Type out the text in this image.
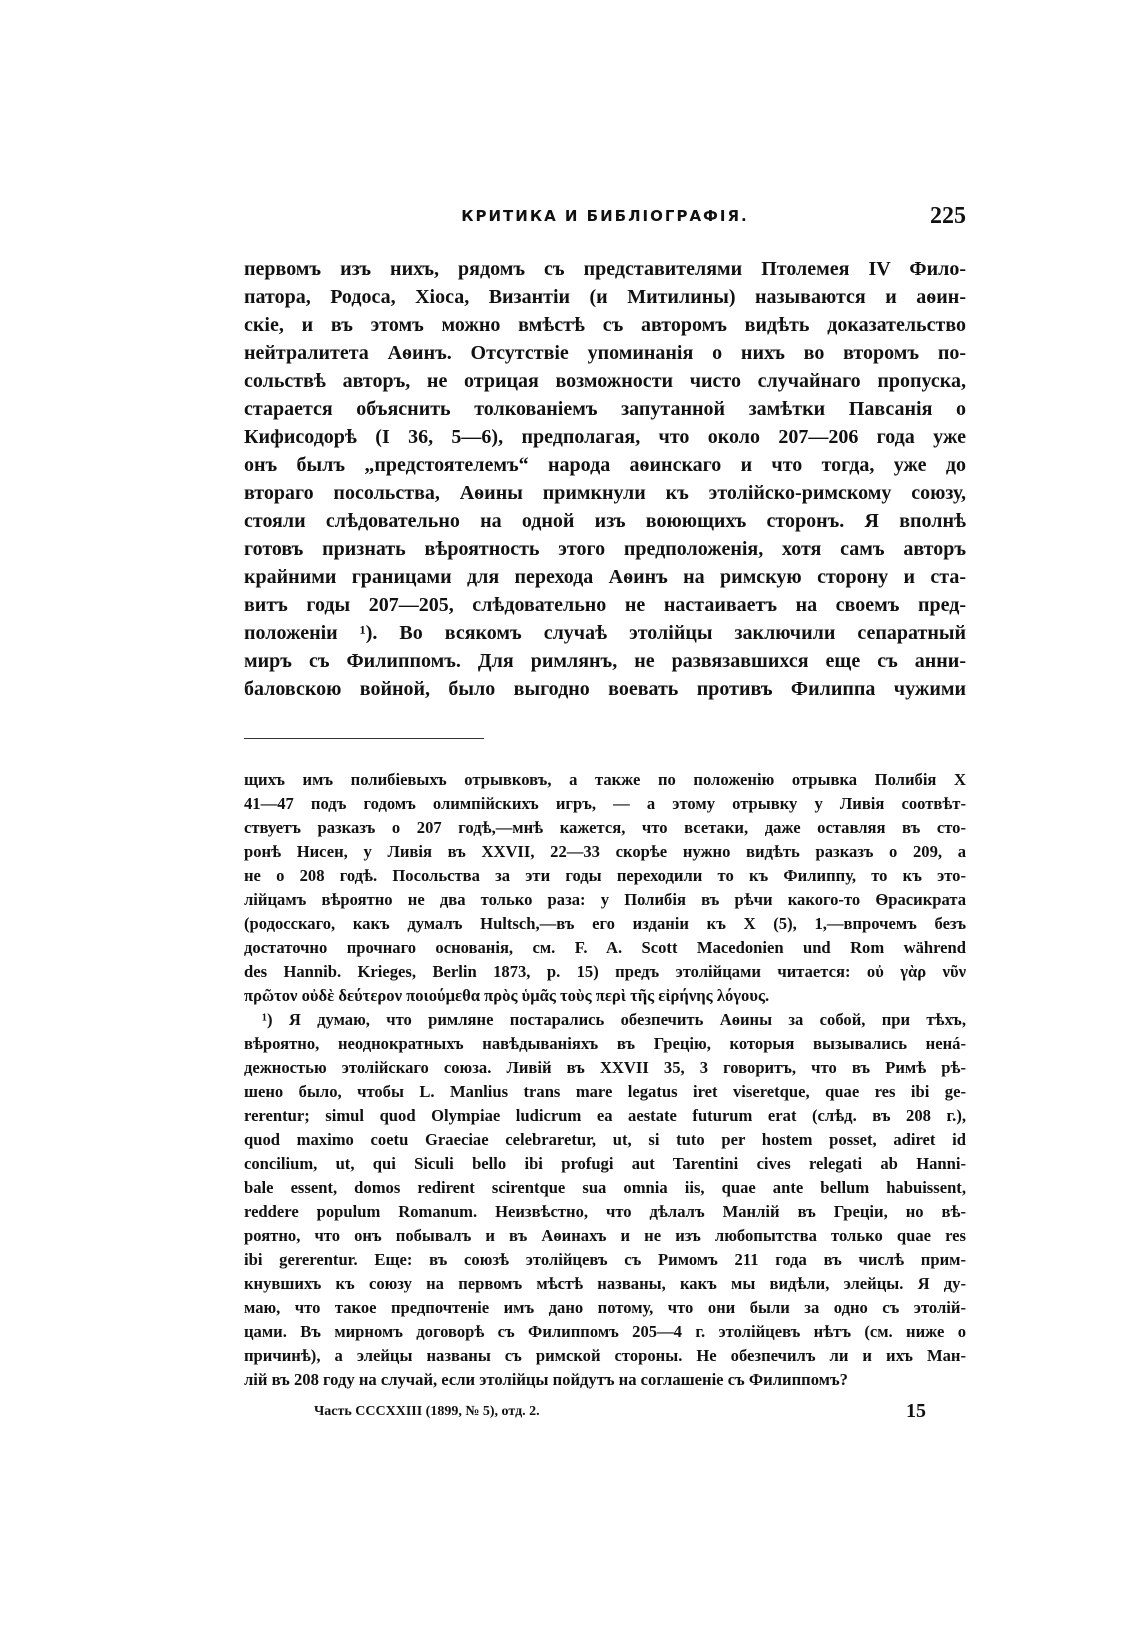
КРИТИКА И БИБЛІОГРАФІЯ.	225
первомъ изъ нихъ, рядомъ съ представителями Птолемея IV Фило-
патора, Родоса, Хіоса, Византіи (и Митилины) называются и аѳин-
скіе, и въ этомъ можно вмѣстѣ съ авторомъ видѣть доказательство
нейтралитета Аѳинъ. Отсутствіе упоминанія о нихъ во второмъ по-
сольствѣ авторъ, не отрицая возможности чисто случайнаго пропуска,
старается объяснить толкованіемъ запутанной замѣтки Павсанія о
Кифисодорѣ (I 36, 5—6), предполагая, что около 207—206 года уже
онъ былъ „предстоятелемъ“ народа аѳинскаго и что тогда, уже до
втораго посольства, Аѳины примкнули къ этолійско-римскому союзу,
стояли слѣдовательно на одной изъ воюющихъ сторонъ. Я вполнѣ
готовъ признать вѣроятность этого предположенія, хотя самъ авторъ
крайними границами для перехода Аѳинъ на римскую сторону и ста-
витъ годы 207—205, слѣдовательно не настаиваетъ на своемъ пред-
положеніи ¹). Во всякомъ случаѣ этолійцы заключили сепаратный
миръ съ Филиппомъ. Для римлянъ, не развязавшихся еще съ анни-
баловскою войной, было выгодно воевать противъ Филиппа чужими
щихъ имъ полибіевыхъ отрывковъ, а также по положенію отрывка Полибія X
41—47 подъ годомъ олимпійскихъ игръ, — а этому отрывку у Ливія соотвѣт-
ствуетъ разказъ о 207 годѣ,—мнѣ кажется, что всетаки, даже оставляя въ сто-
ронѣ Нисен, у Ливія въ XXVII, 22—33 скорѣе нужно видѣть разказъ о 209, а
не о 208 годѣ. Посольства за эти годы переходили то къ Филиппу, то къ это-
лійцамъ вѣроятно не два только раза: у Полибія въ рѣчи какого-то Ѳрасикрата
(родосскаго, какъ думалъ Hultsch,—въ его изданіи къ X (5), 1,—впрочемъ безъ
достаточно прочнаго основанія, см. F. A. Scott Macedonien und Rom während
des Hannib. Krieges, Berlin 1873, p. 15) предъ этолійцами читается: οὐ γὰρ νῦν
πρῶτον οὐδὲ δεύτερον ποιούμεθα πρὸς ὑμᾶς τοὺς περὶ τῆς εἰρήνης λόγους.
¹) Я думаю, что римляне постарались обезпечить Аѳины за собой, при тѣхъ,
вѣроятно, неоднократныхъ навѣдываніяхъ въ Грецію, которыя вызывались ненá-
дежностью этолійскаго союза. Ливій въ XXVII 35, 3 говоритъ, что въ Римѣ рѣ-
шено было, чтобы L. Manlius trans mare legatus iret viseretque, quae res ibi ge-
rerentur; simul quod Olympiae ludicrum ea aestate futurum erat (слѣд. въ 208 г.),
quod maximo coetu Graeciae celebraretur, ut, si tuto per hostem posset, adiret id
concilium, ut, qui Siculi bello ibi profugi aut Tarentini cives relegati ab Hanni-
bale essent, domos redirent scirentque sua omnia iis, quae ante bellum habuissent,
reddere populum Romanum. Неизвѣстно, что дѣлалъ Манлій въ Греціи, но вѣ-
роятно, что онъ побывалъ и въ Аѳинахъ и не изъ любопытства только quae res
ibi gererentur. Еще: въ союзѣ этолійцевъ съ Римомъ 211 года въ числѣ прим-
кнувшихъ къ союзу на первомъ мѣстѣ названы, какъ мы видѣли, элейцы. Я ду-
маю, что такое предпочтеніе имъ дано потому, что они были за одно съ этолій-
цами. Въ мирномъ договорѣ съ Филиппомъ 205—4 г. этолійцевъ нѣтъ (см. ниже о
причинѣ), а элейцы названы съ римской стороны. Не обезпечилъ ли и ихъ Ман-
лій въ 208 году на случай, если этолійцы пойдутъ на соглашеніе съ Филиппомъ?
Часть CCCXXIII (1899, № 5), отд. 2.	15
